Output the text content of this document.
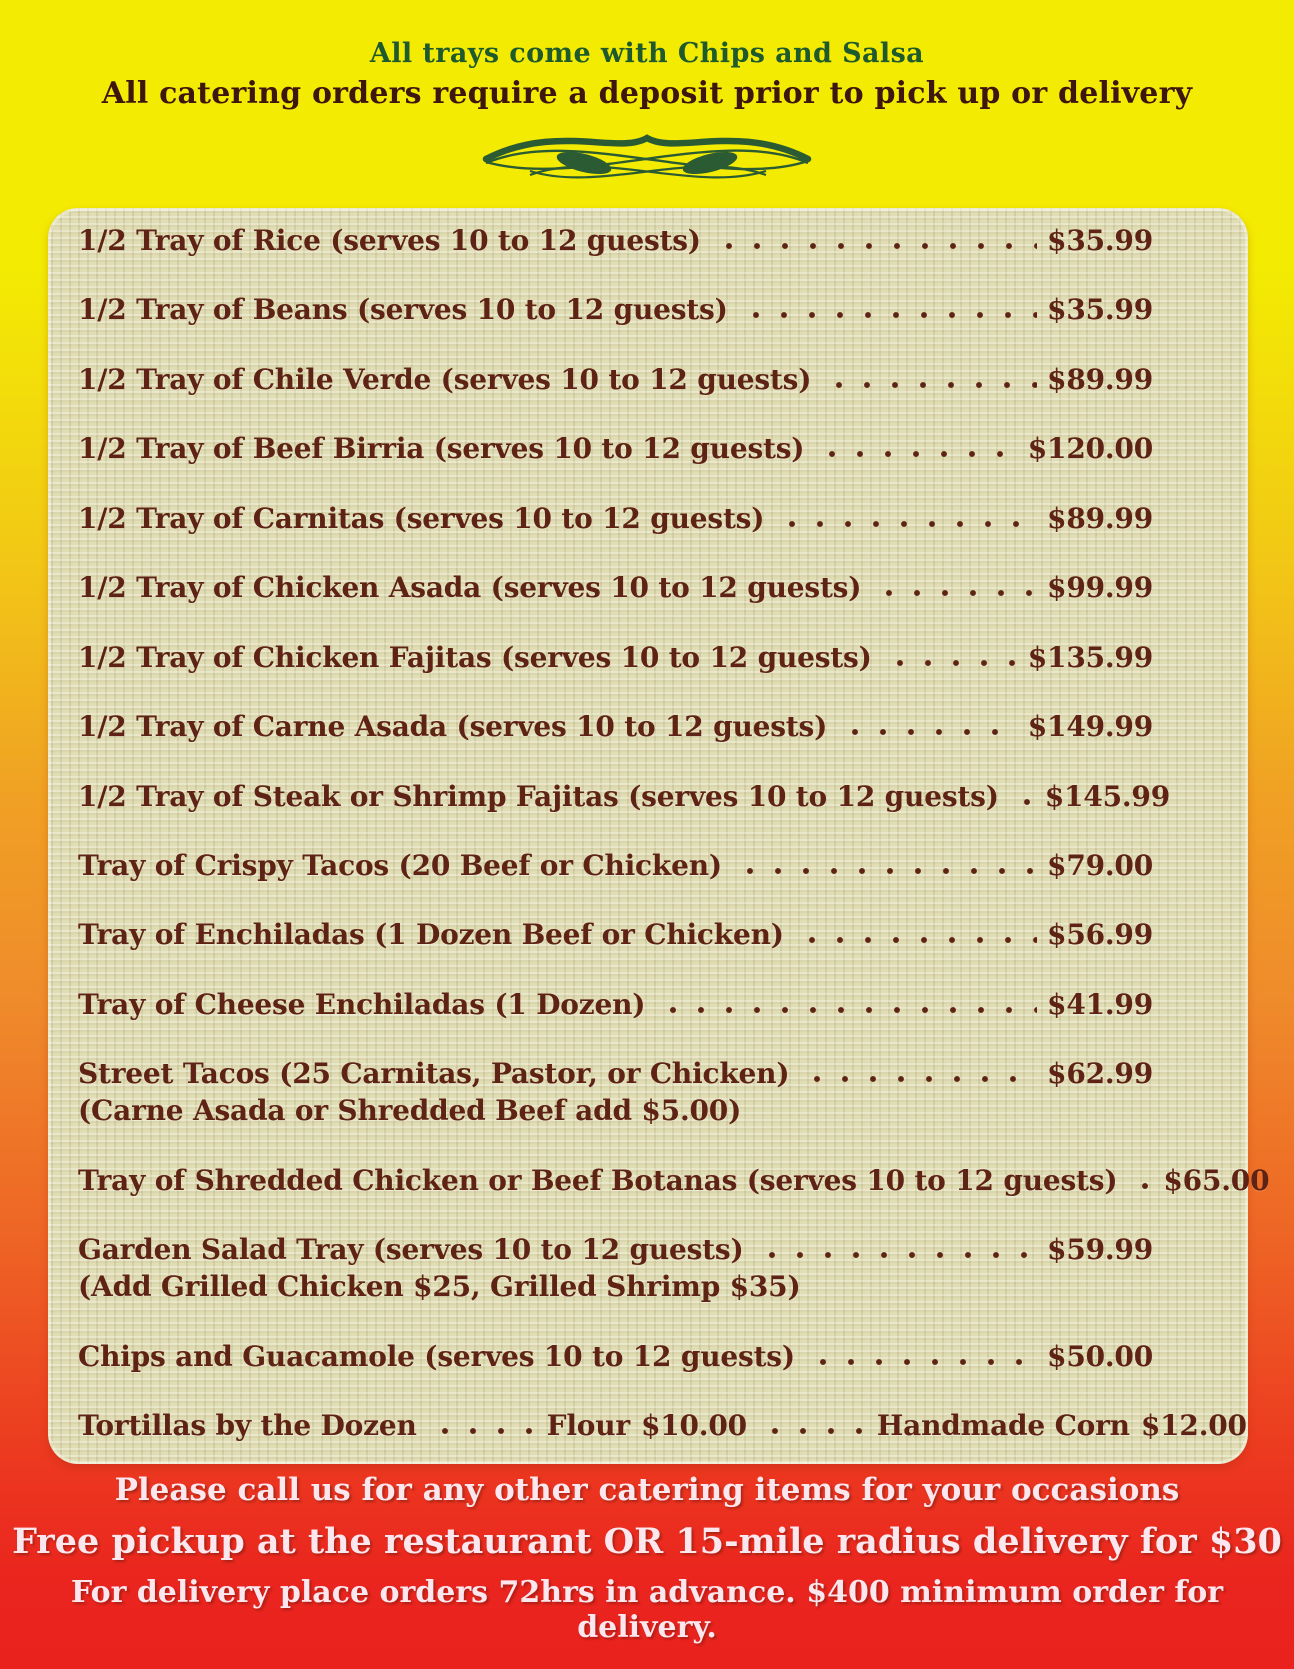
All trays come with Chips and Salsa
All catering orders require a deposit prior to pick up or delivery
1/2 Tray of Rice (serves 10 to 12 guests)	$35.99
1/2 Tray of Beans (serves 10 to 12 guests)	$35.99
1/2 Tray of Chile Verde (serves 10 to 12 guests)	$89.99
1/2 Tray of Beef Birria (serves 10 to 12 guests)	$120.00
1/2 Tray of Carnitas (serves 10 to 12 guests)	$89.99
1/2 Tray of Chicken Asada (serves 10 to 12 guests)	$99.99
1/2 Tray of Chicken Fajitas (serves 10 to 12 guests)	$135.99
1/2 Tray of Carne Asada (serves 10 to 12 guests)	$149.99
1/2 Tray of Steak or Shrimp Fajitas (serves 10 to 12 guests) $145.99
Tray of Crispy Tacos (20 Beef or Chicken)	$79.00
Tray of Enchiladas (1 Dozen Beef or Chicken)	$56.99
Tray of Cheese Enchiladas (1 Dozen)	$41.99
Street Tacos (25 Carnitas, Pastor, or Chicken)	$62.99
(Carne Asada or Shredded Beef add $5.00)
Tray of Shredded Chicken or Beef Botanas (serves 10 to 12 guests) $65.00
Garden Salad Tray (serves 10 to 12 guests)	$59.99
(Add Grilled Chicken $25, Grilled Shrimp $35)
Chips and Guacamole (serves 10 to 12 guests)	$50.00
Tortillas by the Dozen	Flour $10.00	Handmade Corn $12.00
Please call us for any other catering items for your occasions
Free pickup at the restaurant OR 15-mile radius delivery for $30
For delivery place orders 72hrs in advance. $400 minimum order for delivery.
